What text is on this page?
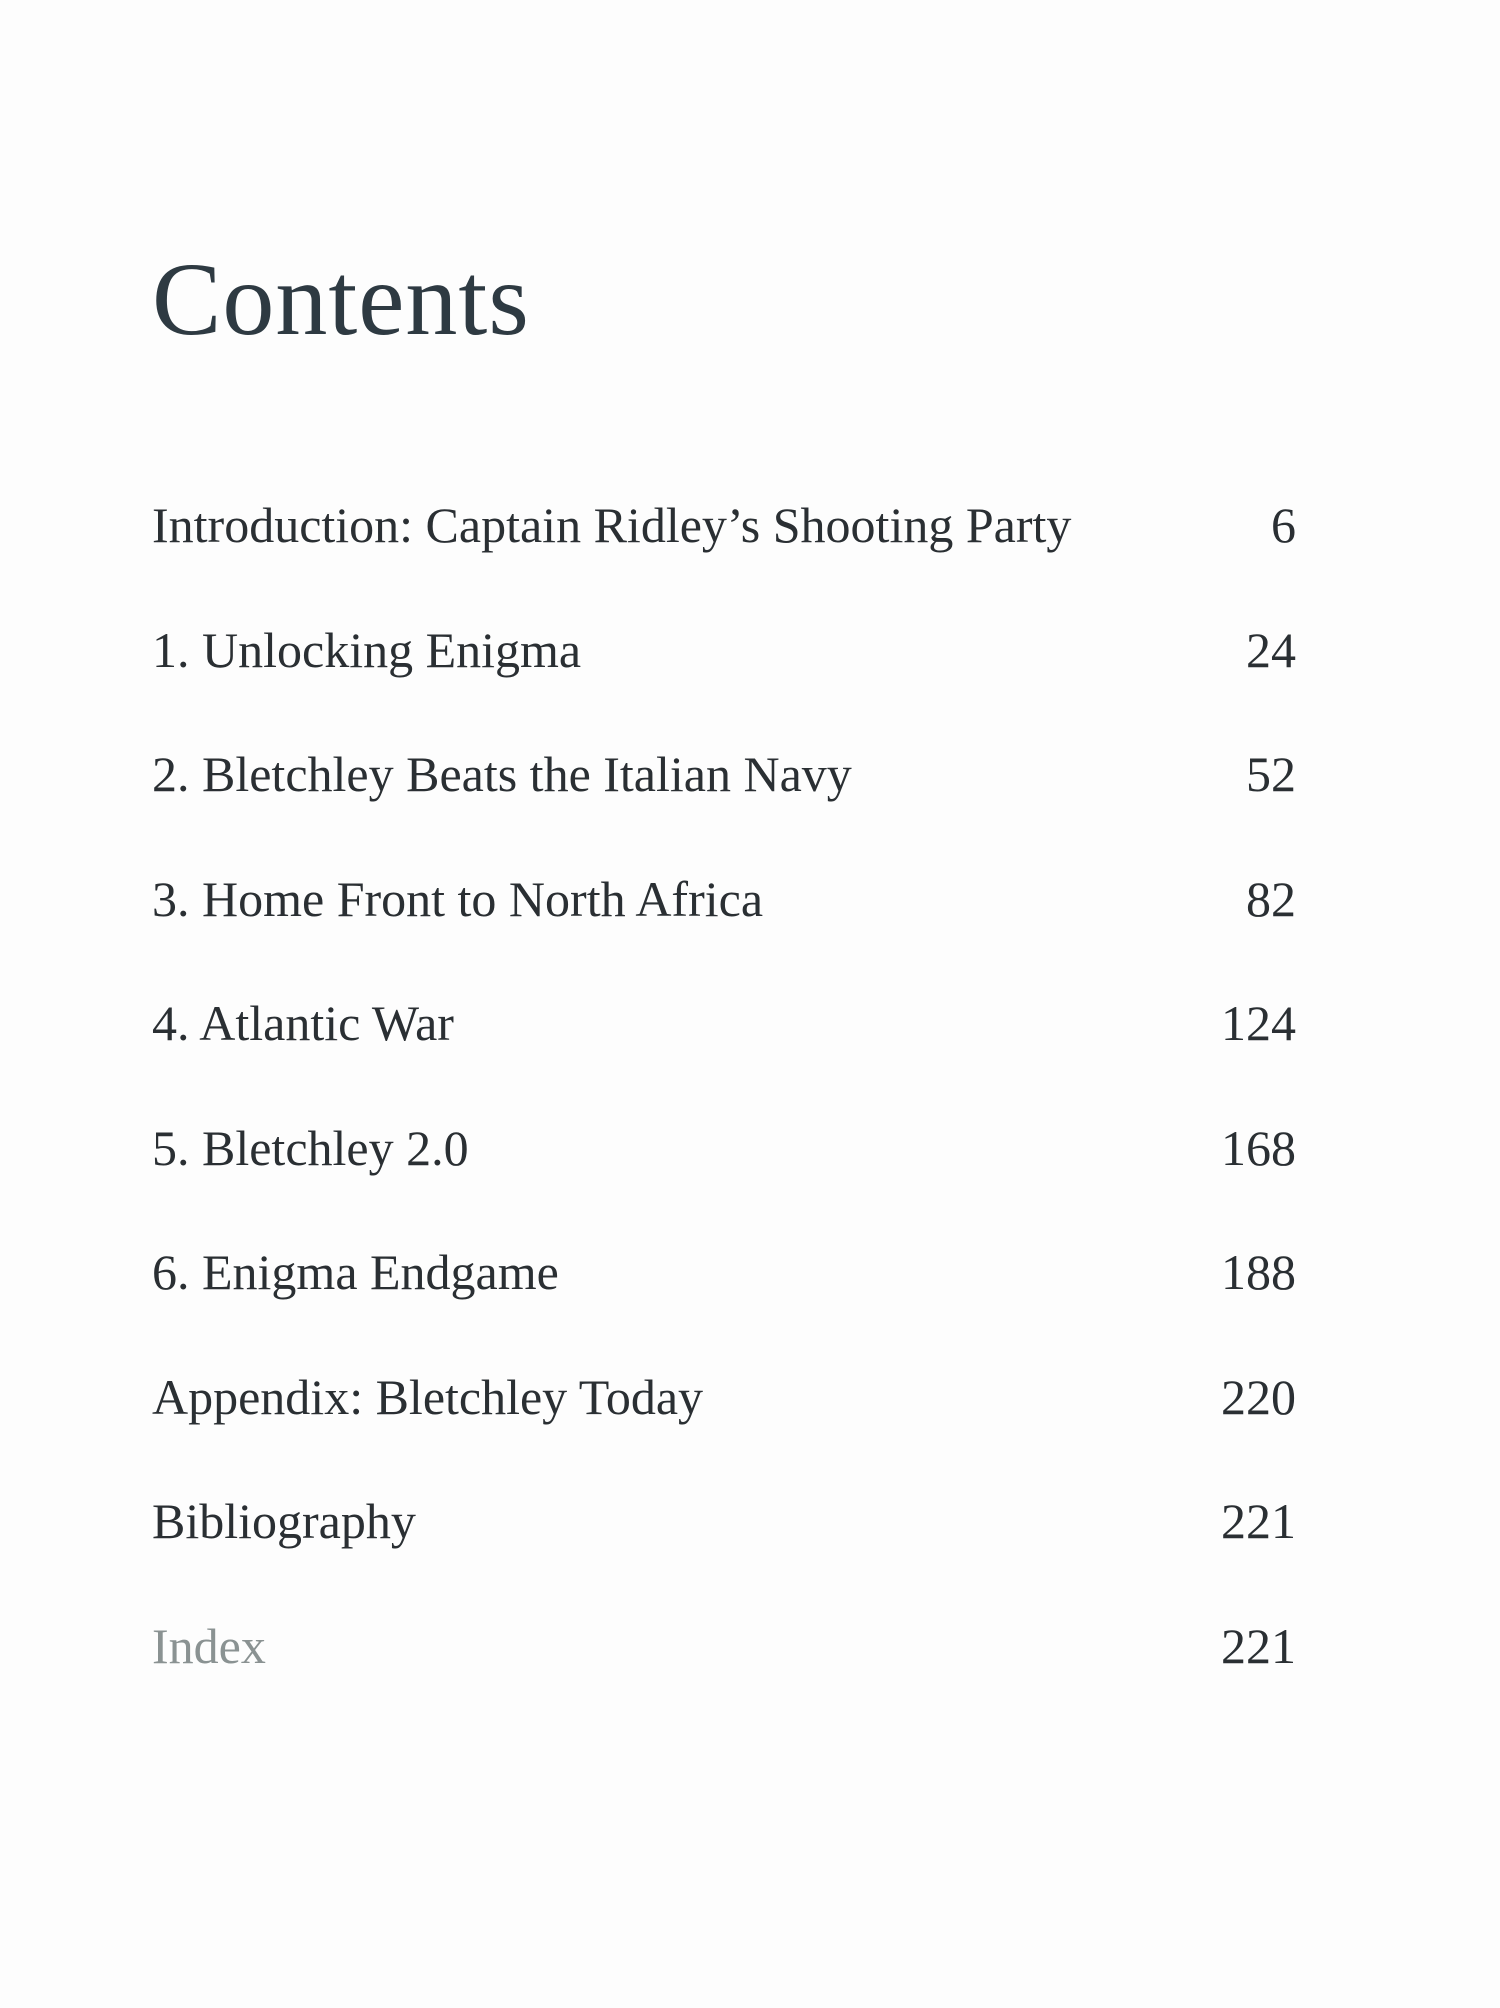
Contents
Introduction: Captain Ridley’s Shooting Party	6
1. Unlocking Enigma	24
2. Bletchley Beats the Italian Navy	52
3. Home Front to North Africa	82
4. Atlantic War	124
5. Bletchley 2.0	168
6. Enigma Endgame	188
Appendix: Bletchley Today	220
Bibliography	221
Index	221
